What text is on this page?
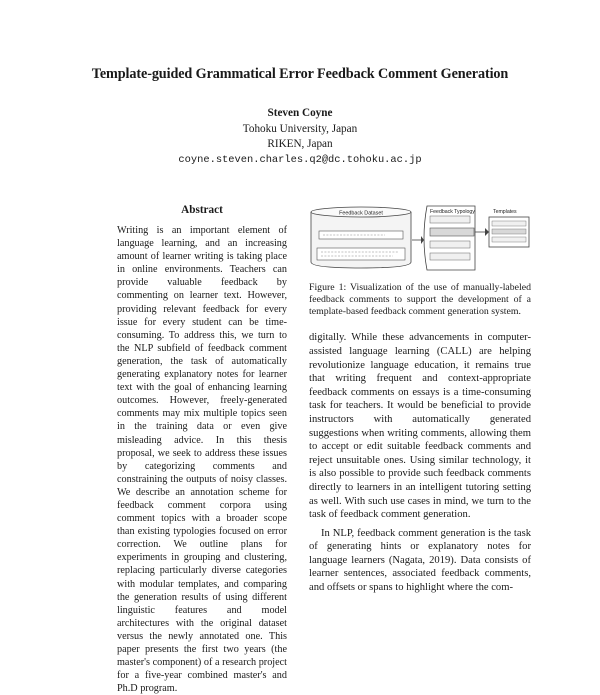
Template-guided Grammatical Error Feedback Comment Generation
Steven Coyne
Tohoku University, Japan
RIKEN, Japan
coyne.steven.charles.q2@dc.tohoku.ac.jp
Abstract
Writing is an important element of language learning, and an increasing amount of learner writing is taking place in online environments. Teachers can provide valuable feedback by commenting on learner text. However, providing relevant feedback for every issue for every student can be time-consuming. To address this, we turn to the NLP subfield of feedback comment generation, the task of automatically generating explanatory notes for learner text with the goal of enhancing learning outcomes. However, freely-generated comments may mix multiple topics seen in the training data or even give misleading advice. In this thesis proposal, we seek to address these issues by categorizing comments and constraining the outputs of noisy classes. We describe an annotation scheme for feedback comment corpora using comment topics with a broader scope than existing typologies focused on error correction. We outline plans for experiments in grouping and clustering, replacing particularly diverse categories with modular templates, and comparing the generation results of using different linguistic features and model architectures with the original dataset versus the newly annotated one. This paper presents the first two years (the master's component) of a research project for a five-year combined master's and Ph.D program.
Feedback Dataset	Feedback Typology	Templates
Figure 1: Visualization of the use of manually-labeled feedback comments to support the development of a template-based feedback comment generation system.

digitally. While these advancements in computer-assisted language learning (CALL) are helping revolutionize language education, it remains true that writing frequent and context-appropriate feedback comments on essays is a time-consuming task for teachers. It would be beneficial to provide instructors with automatically generated suggestions when writing comments, allowing them to accept or edit suitable feedback comments and reject unsuitable ones. Using similar technology, it is also possible to provide such feedback comments directly to learners in an intelligent tutoring setting as well. With such use cases in mind, we turn to the task of feedback comment generation.

In NLP, feedback comment generation is the task of generating hints or explanatory notes for language learners (Nagata, 2019). Data consists of learner sentences, associated feedback comments, and offsets or spans to highlight where the com-
